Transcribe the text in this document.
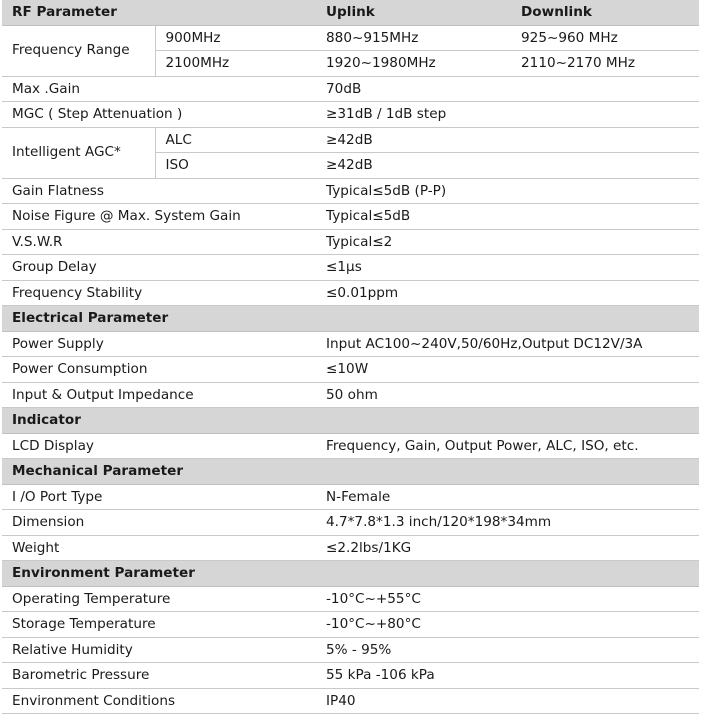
RF Parameter		Uplink	Downlink
Frequency Range	900MHz	880~915MHz	925~960 MHz
	2100MHz	1920~1980MHz	2110~2170 MHz
Max .Gain		70dB	
MGC ( Step Attenuation )		≥31dB / 1dB step	
Intelligent AGC*	ALC	≥42dB	
	ISO	≥42dB	
Gain Flatness		Typical≤5dB (P-P)	
Noise Figure @ Max. System Gain		Typical≤5dB	
V.S.W.R		Typical≤2	
Group Delay		≤1μs	
Frequency Stability		≤0.01ppm	
Electrical Parameter			
Power Supply		Input AC100~240V,50/60Hz,Output DC12V/3A	
Power Consumption		≤10W	
Input & Output Impedance		50 ohm	
Indicator			
LCD Display		Frequency, Gain, Output Power, ALC, ISO, etc.	
Mechanical Parameter			
I /O Port Type		N-Female	
Dimension		4.7*7.8*1.3 inch/120*198*34mm	
Weight		≤2.2lbs/1KG	
Environment Parameter			
Operating Temperature		-10°C~+55°C	
Storage Temperature		-10°C~+80°C	
Relative Humidity		5% - 95%	
Barometric Pressure		55 kPa -106 kPa	
Environment Conditions		IP40	
